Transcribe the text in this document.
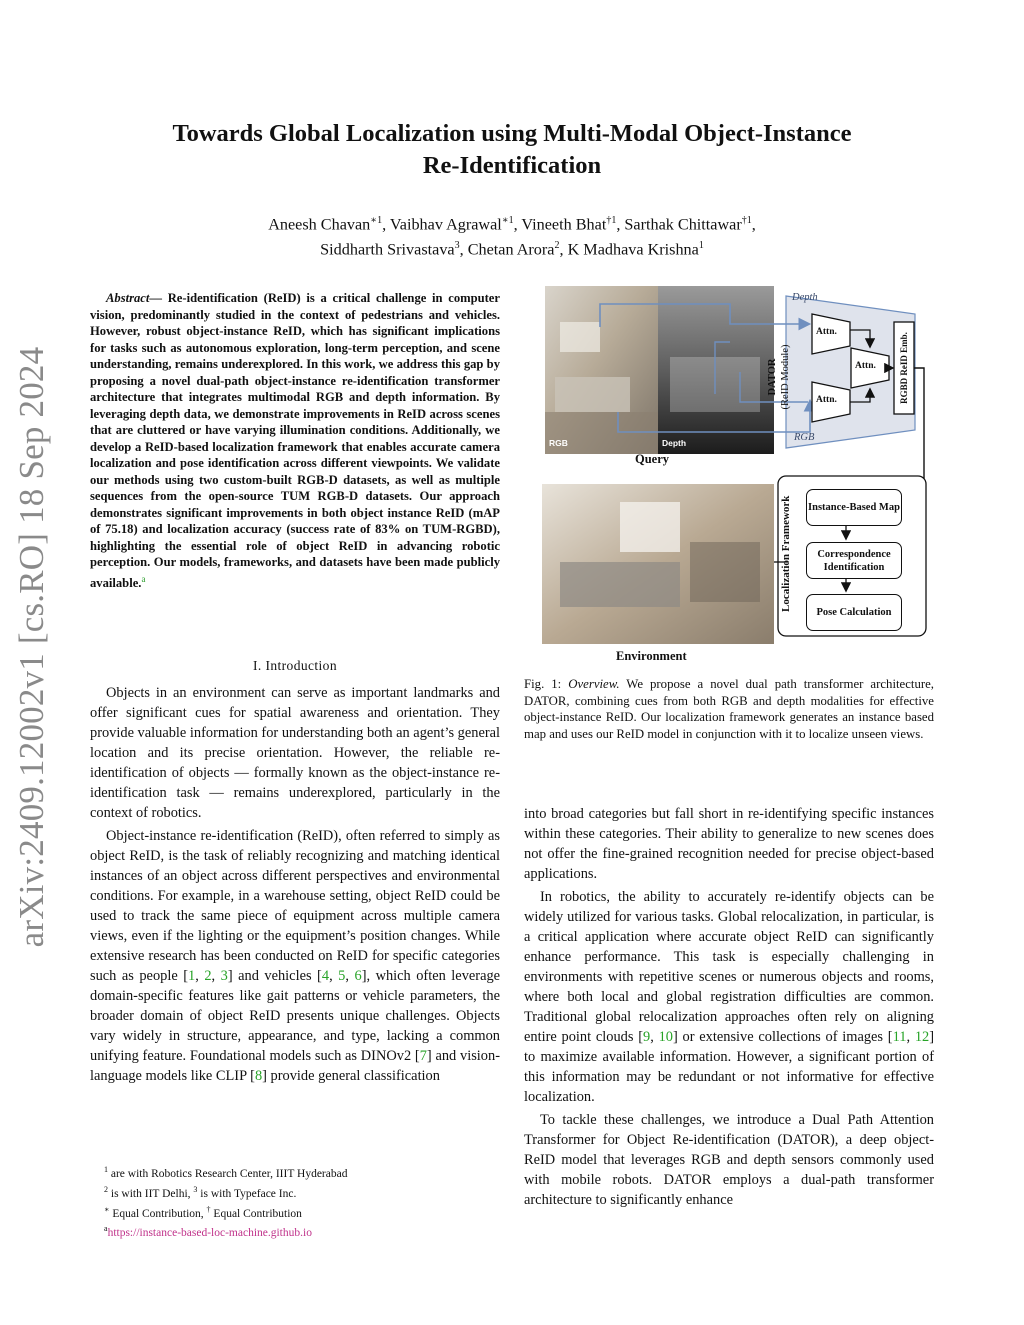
arXiv:2409.12002v1 [cs.RO] 18 Sep 2024
Towards Global Localization using Multi-Modal Object-Instance
Re-Identification
Aneesh Chavan$^{∗1}$, Vaibhav Agrawal$^{∗1}$, Vineeth Bhat$^{\dagger 1}$, Sarthak Chittawar$^{\dagger 1}$,
Siddharth Srivastava$^3$, Chetan Arora$^2$, K Madhava Krishna$^1$
Abstract— Re-identification (ReID) is a critical challenge in computer vision, predominantly studied in the context of pedestrians and vehicles. However, robust object-instance ReID, which has significant implications for tasks such as autonomous exploration, long-term perception, and scene understanding, remains underexplored. In this work, we address this gap by proposing a novel dual-path object-instance re-identification transformer architecture that integrates multimodal RGB and depth information. By leveraging depth data, we demonstrate improvements in ReID across scenes that are cluttered or have varying illumination conditions. Additionally, we develop a ReID-based localization framework that enables accurate camera localization and pose identification across different viewpoints. We validate our methods using two custom-built RGB-D datasets, as well as multiple sequences from the open-source TUM RGB-D datasets. Our approach demonstrates significant improvements in both object instance ReID (mAP of 75.18) and localization accuracy (success rate of 83% on TUM-RGBD), highlighting the essential role of object ReID in advancing robotic perception. Our models, frameworks, and datasets have been made publicly available.$^a$
I. Introduction

Objects in an environment can serve as important landmarks and offer significant cues for spatial awareness and orientation. They provide valuable information for understanding both an agent’s general location and its precise orientation. However, the reliable re-identification of objects — formally known as the object-instance re-identification task — remains underexplored, particularly in the context of robotics.

Object-instance re-identification (ReID), often referred to simply as object ReID, is the task of reliably recognizing and matching identical instances of an object across different perspectives and environmental conditions. For example, in a warehouse setting, object ReID could be used to track the same piece of equipment across multiple camera views, even if the lighting or the equipment’s position changes. While extensive research has been conducted on ReID for specific categories such as people [1, 2, 3] and vehicles [4, 5, 6], which often leverage domain-specific features like gait patterns or vehicle parameters, the broader domain of object ReID presents unique challenges. Objects vary widely in structure, appearance, and type, lacking a common unifying feature. Foundational models such as DINOv2 [7] and vision-language models like CLIP [8] provide general classification

$^1$ are with Robotics Research Center, IIIT Hyderabad
$^2$ is with IIT Delhi, $^3$ is with Typeface Inc.
∗ Equal Contribution, † Equal Contribution
$^a$https://instance-based-loc-machine.github.io
RGB	Depth
Depth
RGB
DATOR (ReID Module)
Attn.
Attn.
Attn.	RGBD ReID Emb.
Query
Localization Framework Instance-Based Map
Correspondence Identification
Pose Calculation
Environment
Fig. 1: Overview. We propose a novel dual path transformer architecture, DATOR, combining cues from both RGB and depth modalities for effective object-instance ReID. Our localization framework generates an instance based map and uses our ReID model in conjunction with it to localize unseen views.

into broad categories but fall short in re-identifying specific instances within these categories. Their ability to generalize to new scenes does not offer the fine-grained recognition needed for precise object-based applications.

In robotics, the ability to accurately re-identify objects can be widely utilized for various tasks. Global relocalization, in particular, is a critical application where accurate object ReID can significantly enhance performance. This task is especially challenging in environments with repetitive scenes or numerous objects and rooms, where both local and global registration difficulties are common. Traditional global relocalization approaches often rely on aligning entire point clouds [9, 10] or extensive collections of images [11, 12] to maximize available information. However, a significant portion of this information may be redundant or not informative for effective localization.

To tackle these challenges, we introduce a Dual Path Attention Transformer for Object Re-identification (DATOR), a deep object-ReID model that leverages RGB and depth sensors commonly used with mobile robots. DATOR employs a dual-path transformer architecture to significantly enhance
